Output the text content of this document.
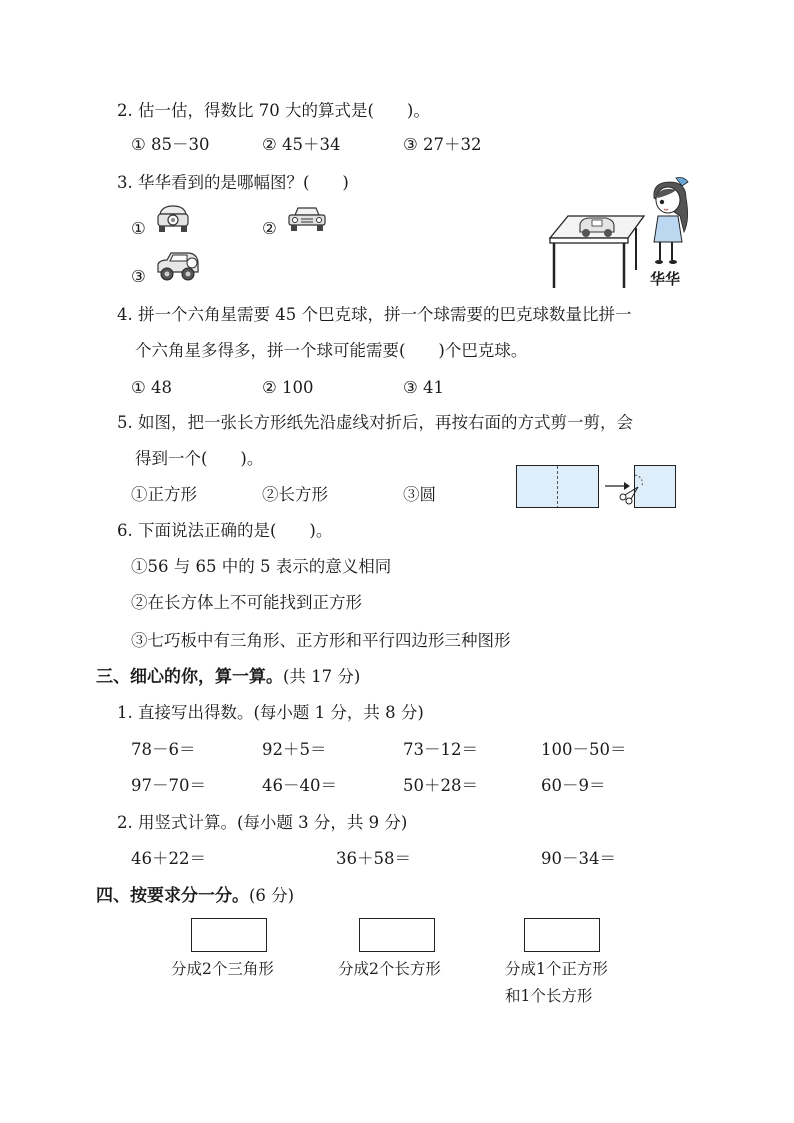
2. 估一估，得数比 70 大的算式是(　　)。
① 85－30	② 45＋34	③ 27＋32
3. 华华看到的是哪幅图？(　　)
①	②
③	华华
4. 拼一个六角星需要 45 个巴克球，拼一个球需要的巴克球数量比拼一
个六角星多得多，拼一个球可能需要(　　)个巴克球。
① 48	② 100	③ 41
5. 如图，把一张长方形纸先沿虚线对折后，再按右面的方式剪一剪，会
得到一个(　　)。
①正方形	②长方形	③圆
6. 下面说法正确的是(　　)。
①56 与 65 中的 5 表示的意义相同
②在长方体上不可能找到正方形
③七巧板中有三角形、正方形和平行四边形三种图形
三、细心的你，算一算。(共 17 分)
1. 直接写出得数。(每小题 1 分，共 8 分)
78－6＝	92＋5＝	73－12＝	100－50＝
97－70＝	46－40＝	50＋28＝	60－9＝
2. 用竖式计算。(每小题 3 分，共 9 分)
46＋22＝	36＋58＝	90－34＝
四、按要求分一分。(6 分)
分成2个三角形	分成2个长方形	分成1个正方形
和1个长方形
